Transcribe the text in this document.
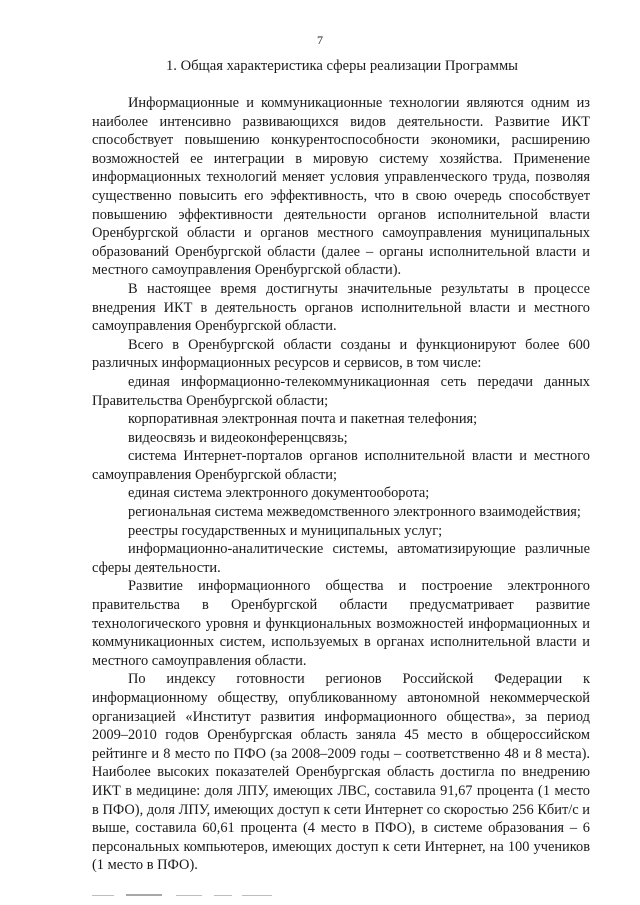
7
1. Общая характеристика сферы реализации Программы

Информационные и коммуникационные технологии являются одним из наиболее интенсивно развивающихся видов деятельности. Развитие ИКТ способствует повышению конкурентоспособности экономики, расширению возможностей ее интеграции в мировую систему хозяйства. Применение информационных технологий меняет условия управленческого труда, позволяя существенно повысить его эффективность, что в свою очередь способствует повышению эффективности деятельности органов исполнительной власти Оренбургской области и органов местного самоуправления муниципальных образований Оренбургской области (далее – органы исполнительной власти и местного самоуправления Оренбургской области).

В настоящее время достигнуты значительные результаты в процессе внедрения ИКТ в деятельность органов исполнительной власти и местного самоуправления Оренбургской области.

Всего в Оренбургской области созданы и функционируют более 600 различных информационных ресурсов и сервисов, в том числе:

единая информационно-телекоммуникационная сеть передачи данных Правительства Оренбургской области;

корпоративная электронная почта и пакетная телефония;

видеосвязь и видеоконференцсвязь;

система Интернет-порталов органов исполнительной власти и местного самоуправления Оренбургской области;

единая система электронного документооборота;

региональная система межведомственного электронного взаимодействия;

реестры государственных и муниципальных услуг;

информационно-аналитические системы, автоматизирующие различные сферы деятельности.

Развитие информационного общества и построение электронного правительства в Оренбургской области предусматривает развитие технологического уровня и функциональных возможностей информационных и коммуникационных систем, используемых в органах исполнительной власти и местного самоуправления области.

По индексу готовности регионов Российской Федерации к информационному обществу, опубликованному автономной некоммерческой организацией «Институт развития информационного общества», за период 2009–2010 годов Оренбургская область заняла 45 место в общероссийском рейтинге и 8 место по ПФО (за 2008–2009 годы – соответственно 48 и 8 места). Наиболее высоких показателей Оренбургская область достигла по внедрению ИКТ в медицине: доля ЛПУ, имеющих ЛВС, составила 91,67 процента (1 место в ПФО), доля ЛПУ, имеющих доступ к сети Интернет со скоростью 256 Кбит/с и выше, составила 60,61 процента (4 место в ПФО), в системе образования – 6 персональных компьютеров, имеющих доступ к сети Интернет, на 100 учеников (1 место в ПФО).
